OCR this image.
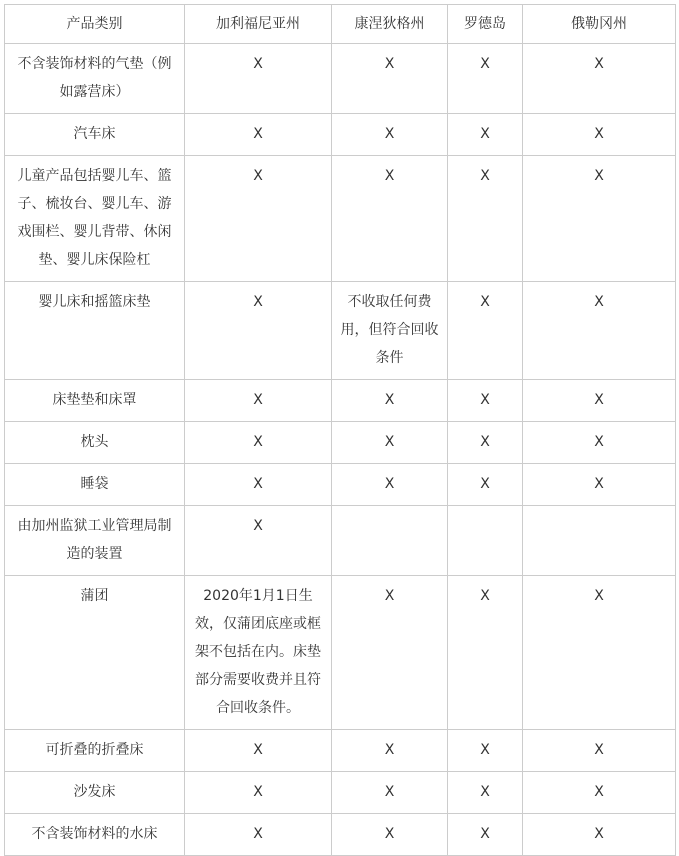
产品类别	加利福尼亚州	康涅狄格州	罗德岛	俄勒冈州
不含装饰材料的气垫（例如露营床）	X	X	X	X
汽车床	X	X	X	X
儿童产品包括婴儿车、篮子、梳妆台、婴儿车、游戏围栏、婴儿背带、休闲垫、婴儿床保险杠	X	X	X	X
婴儿床和摇篮床垫	X	不收取任何费用，但符合回收条件	X	X
床垫垫和床罩	X	X	X	X
枕头	X	X	X	X
睡袋	X	X	X	X
由加州监狱工业管理局制造的装置	X			
蒲团	2020年1月1日生效，仅蒲团底座或框架不包括在内。床垫部分需要收费并且符合回收条件。	X	X	X
可折叠的折叠床	X	X	X	X
沙发床	X	X	X	X
不含装饰材料的水床	X	X	X	X
